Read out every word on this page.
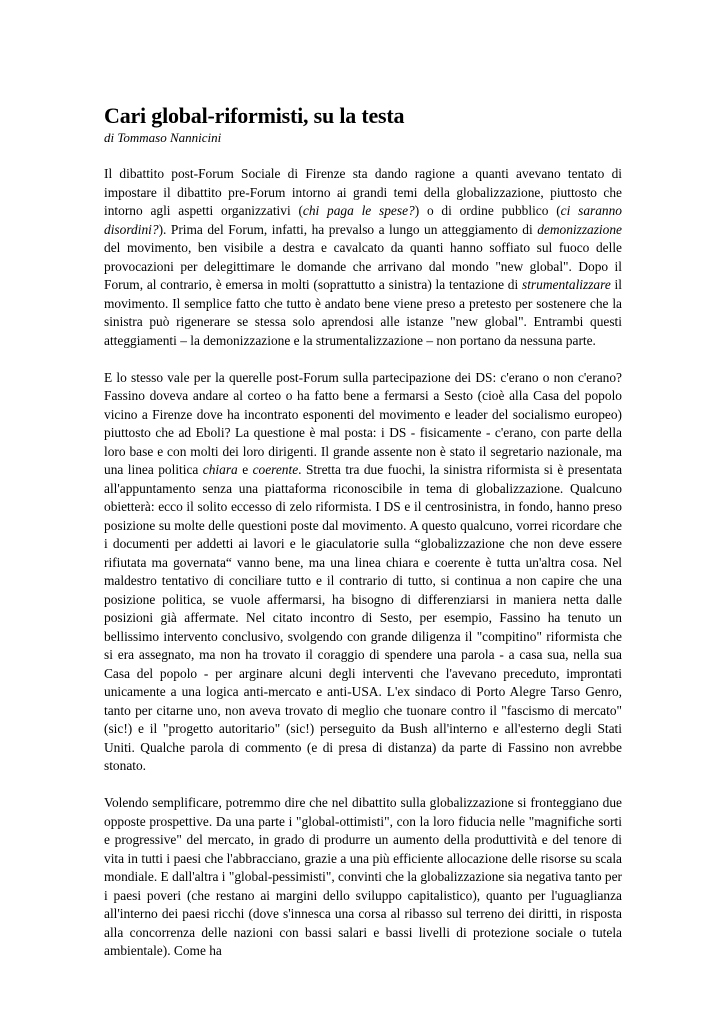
Cari global-riformisti, su la testa
di Tommaso Nannicini

Il dibattito post-Forum Sociale di Firenze sta dando ragione a quanti avevano tentato di impostare il dibattito pre-Forum intorno ai grandi temi della globalizzazione, piuttosto che intorno agli aspetti organizzativi (chi paga le spese?) o di ordine pubblico (ci saranno disordini?). Prima del Forum, infatti, ha prevalso a lungo un atteggiamento di demonizzazione del movimento, ben visibile a destra e cavalcato da quanti hanno soffiato sul fuoco delle provocazioni per delegittimare le domande che arrivano dal mondo "new global". Dopo il Forum, al contrario, è emersa in molti (soprattutto a sinistra) la tentazione di strumentalizzare il movimento. Il semplice fatto che tutto è andato bene viene preso a pretesto per sostenere che la sinistra può rigenerare se stessa solo aprendosi alle istanze "new global". Entrambi questi atteggiamenti – la demonizzazione e la strumentalizzazione – non portano da nessuna parte.

E lo stesso vale per la querelle post-Forum sulla partecipazione dei DS: c'erano o non c'erano? Fassino doveva andare al corteo o ha fatto bene a fermarsi a Sesto (cioè alla Casa del popolo vicino a Firenze dove ha incontrato esponenti del movimento e leader del socialismo europeo) piuttosto che ad Eboli? La questione è mal posta: i DS - fisicamente - c'erano, con parte della loro base e con molti dei loro dirigenti. Il grande assente non è stato il segretario nazionale, ma una linea politica chiara e coerente. Stretta tra due fuochi, la sinistra riformista si è presentata all'appuntamento senza una piattaforma riconoscibile in tema di globalizzazione. Qualcuno obietterà: ecco il solito eccesso di zelo riformista. I DS e il centrosinistra, in fondo, hanno preso posizione su molte delle questioni poste dal movimento. A questo qualcuno, vorrei ricordare che i documenti per addetti ai lavori e le giaculatorie sulla “globalizzazione che non deve essere rifiutata ma governata“ vanno bene, ma una linea chiara e coerente è tutta un'altra cosa. Nel maldestro tentativo di conciliare tutto e il contrario di tutto, si continua a non capire che una posizione politica, se vuole affermarsi, ha bisogno di differenziarsi in maniera netta dalle posizioni già affermate. Nel citato incontro di Sesto, per esempio, Fassino ha tenuto un bellissimo intervento conclusivo, svolgendo con grande diligenza il "compitino" riformista che si era assegnato, ma non ha trovato il coraggio di spendere una parola - a casa sua, nella sua Casa del popolo - per arginare alcuni degli interventi che l'avevano preceduto, improntati unicamente a una logica anti-mercato e anti-USA. L'ex sindaco di Porto Alegre Tarso Genro, tanto per citarne uno, non aveva trovato di meglio che tuonare contro il "fascismo di mercato" (sic!) e il "progetto autoritario" (sic!) perseguito da Bush all'interno e all'esterno degli Stati Uniti. Qualche parola di commento (e di presa di distanza) da parte di Fassino non avrebbe stonato.

Volendo semplificare, potremmo dire che nel dibattito sulla globalizzazione si fronteggiano due opposte prospettive. Da una parte i "global-ottimisti", con la loro fiducia nelle "magnifiche sorti e progressive" del mercato, in grado di produrre un aumento della produttività e del tenore di vita in tutti i paesi che l'abbracciano, grazie a una più efficiente allocazione delle risorse su scala mondiale. E dall'altra i "global-pessimisti", convinti che la globalizzazione sia negativa tanto per i paesi poveri (che restano ai margini dello sviluppo capitalistico), quanto per l'uguaglianza all'interno dei paesi ricchi (dove s'innesca una corsa al ribasso sul terreno dei diritti, in risposta alla concorrenza delle nazioni con bassi salari e bassi livelli di protezione sociale o tutela ambientale). Come ha
